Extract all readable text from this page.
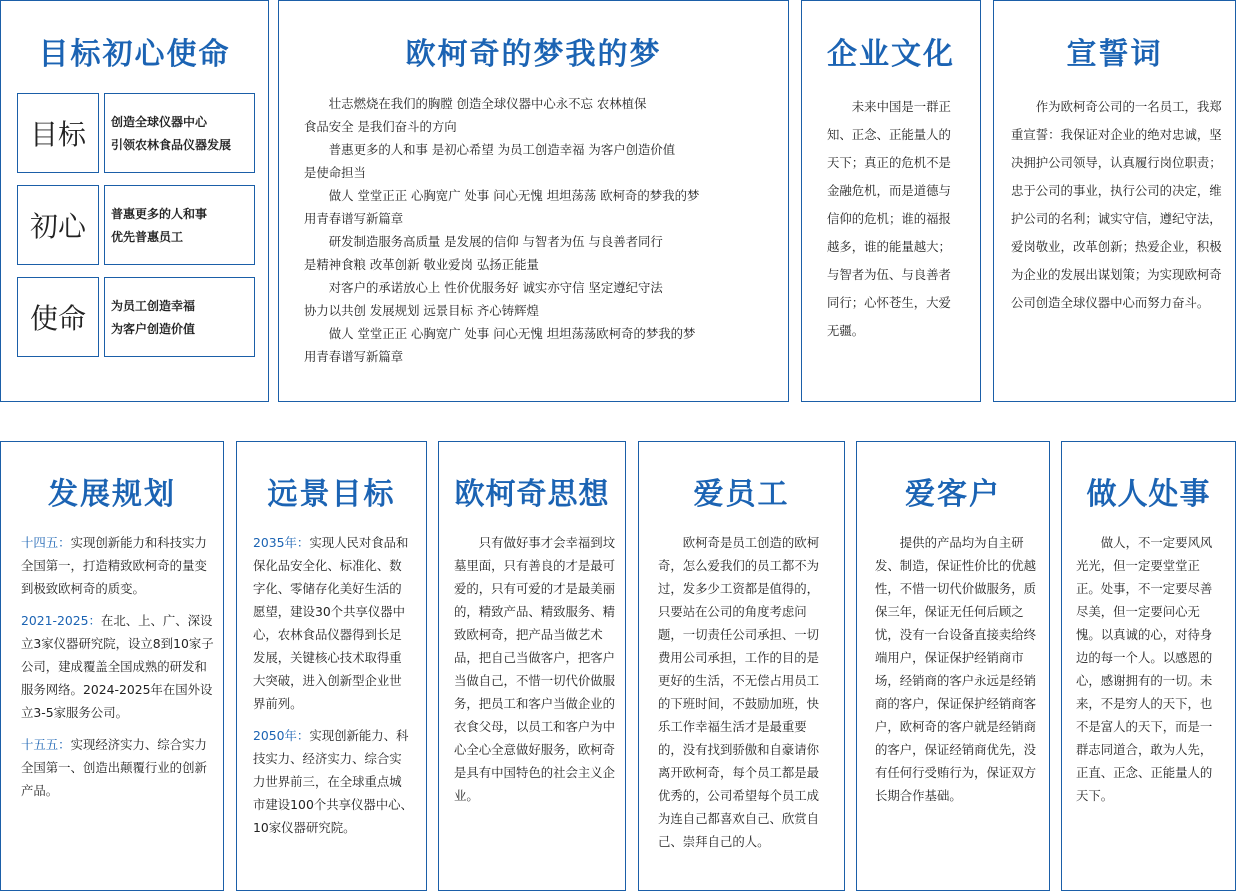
目标初心使命
目标 创造全球仪器中心
引领农林食品仪器发展
初心 普惠更多的人和事
优先普惠员工
使命 为员工创造幸福
为客户创造价值
欧柯奇的梦我的梦

壮志燃烧在我们的胸膛 创造全球仪器中心永不忘 农林植保

食品安全 是我们奋斗的方向

普惠更多的人和事 是初心希望 为员工创造幸福 为客户创造价值

是使命担当

做人 堂堂正正 心胸宽广 处事 问心无愧 坦坦荡荡 欧柯奇的梦我的梦

用青春谱写新篇章

研发制造服务高质量 是发展的信仰 与智者为伍 与良善者同行

是精神食粮 改革创新 敬业爱岗 弘扬正能量

对客户的承诺放心上 性价优服务好 诚实亦守信 坚定遵纪守法

协力以共创 发展规划 远景目标 齐心铸辉煌

做人 堂堂正正 心胸宽广 处事 问心无愧 坦坦荡荡欧柯奇的梦我的梦

用青春谱写新篇章

企业文化
未来中国是一群正知、正念、正能量人的天下；真正的危机不是金融危机，而是道德与信仰的危机；谁的福报越多，谁的能量越大；与智者为伍、与良善者同行；心怀苍生，大爱无疆。
宣誓词
作为欧柯奇公司的一名员工，我郑重宣誓：我保证对企业的绝对忠诚，坚决拥护公司领导，认真履行岗位职责；忠于公司的事业，执行公司的决定，维护公司的名利；诚实守信，遵纪守法，爱岗敬业，改革创新；热爱企业，积极为企业的发展出谋划策；为实现欧柯奇公司创造全球仪器中心而努力奋斗。
发展规划

十四五：实现创新能力和科技实力全国第一，打造精致欧柯奇的量变到极致欧柯奇的质变。

2021-2025：在北、上、广、深设立3家仪器研究院，设立8到10家子公司，建成覆盖全国成熟的研发和服务网络。2024-2025年在国外设立3-5家服务公司。

十五五：实现经济实力、综合实力全国第一、创造出颠覆行业的创新产品。

远景目标

2035年：实现人民对食品和保化品安全化、标准化、数字化、零储存化美好生活的愿望，建设30个共享仪器中心，农林食品仪器得到长足发展，关键核心技术取得重大突破，进入创新型企业世界前列。

2050年：实现创新能力、科技实力、经济实力、综合实力世界前三，在全球重点城市建设100个共享仪器中心、10家仪器研究院。

欧柯奇思想
只有做好事才会幸福到坟墓里面，只有善良的才是最可爱的，只有可爱的才是最美丽的，精致产品、精致服务、精致欧柯奇，把产品当做艺术品，把自己当做客户，把客户当做自己，不惜一切代价做服务，把员工和客户当做企业的衣食父母，以员工和客户为中心全心全意做好服务，欧柯奇是具有中国特色的社会主义企业。
爱员工
欧柯奇是员工创造的欧柯奇，怎么爱我们的员工都不为过，发多少工资都是值得的，只要站在公司的角度考虑问题，一切责任公司承担、一切费用公司承担，工作的目的是更好的生活，不无偿占用员工的下班时间，不鼓励加班，快乐工作幸福生活才是最重要的，没有找到骄傲和自豪请你离开欧柯奇，每个员工都是最优秀的，公司希望每个员工成为连自己都喜欢自己、欣赏自己、崇拜自己的人。
爱客户
提供的产品均为自主研发、制造，保证性价比的优越性，不惜一切代价做服务，质保三年，保证无任何后顾之忧，没有一台设备直接卖给终端用户，保证保护经销商市场，经销商的客户永远是经销商的客户，保证保护经销商客户，欧柯奇的客户就是经销商的客户，保证经销商优先，没有任何行受贿行为，保证双方长期合作基础。
做人处事
做人，不一定要风风光光，但一定要堂堂正正。处事，不一定要尽善尽美，但一定要问心无愧。以真诚的心，对待身边的每一个人。以感恩的心，感谢拥有的一切。未来，不是穷人的天下，也不是富人的天下，而是一群志同道合，敢为人先，正直、正念、正能量人的天下。
